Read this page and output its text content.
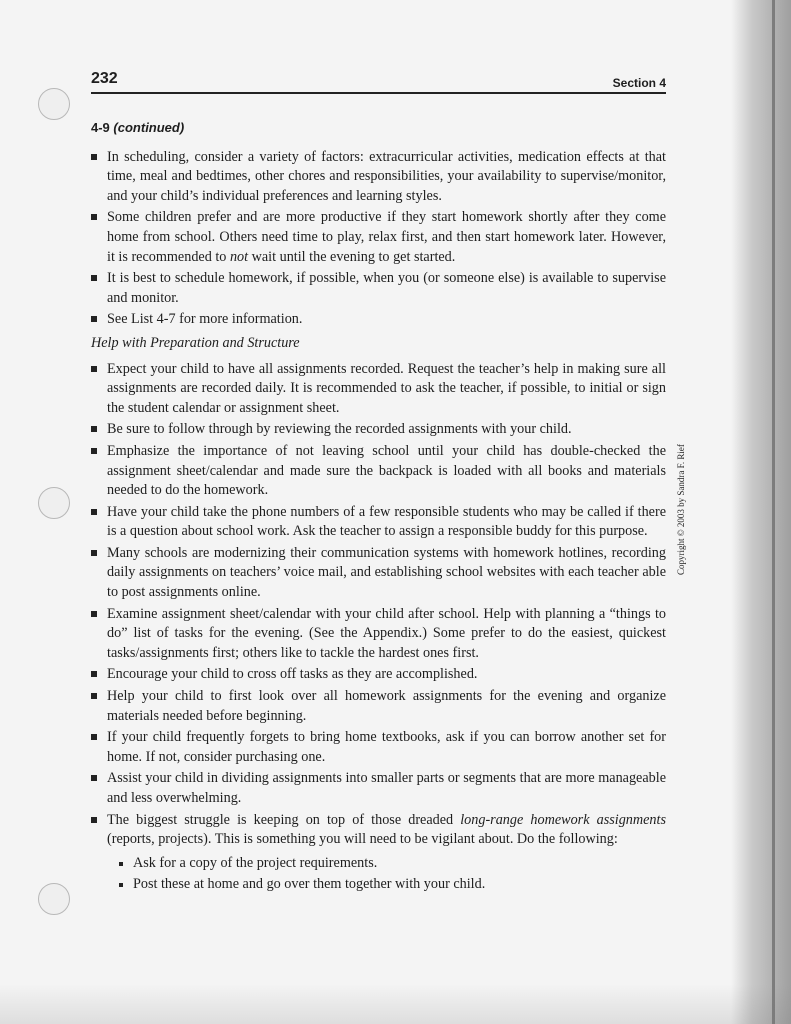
232	Section 4
4-9 (continued)
In scheduling, consider a variety of factors: extracurricular activities, medication effects at that time, meal and bedtimes, other chores and responsibilities, your availability to supervise/monitor, and your child’s individual preferences and learning styles.
Some children prefer and are more productive if they start homework shortly after they come home from school. Others need time to play, relax first, and then start homework later. However, it is recommended to not wait until the evening to get started.
It is best to schedule homework, if possible, when you (or someone else) is available to supervise and monitor.
See List 4-7 for more information.
Help with Preparation and Structure
Expect your child to have all assignments recorded. Request the teacher’s help in making sure all assignments are recorded daily. It is recommended to ask the teacher, if possible, to initial or sign the student calendar or assignment sheet.
Be sure to follow through by reviewing the recorded assignments with your child.
Emphasize the importance of not leaving school until your child has double-checked the assignment sheet/calendar and made sure the backpack is loaded with all books and materials needed to do the homework.
Have your child take the phone numbers of a few responsible students who may be called if there is a question about school work. Ask the teacher to assign a responsible buddy for this purpose.
Many schools are modernizing their communication systems with homework hotlines, recording daily assignments on teachers’ voice mail, and establishing school websites with each teacher able to post assignments online.
Examine assignment sheet/calendar with your child after school. Help with planning a “things to do” list of tasks for the evening. (See the Appendix.) Some prefer to do the easiest, quickest tasks/assignments first; others like to tackle the hardest ones first.
Encourage your child to cross off tasks as they are accomplished.
Help your child to first look over all homework assignments for the evening and organize materials needed before beginning.
If your child frequently forgets to bring home textbooks, ask if you can borrow another set for home. If not, consider purchasing one.
Assist your child in dividing assignments into smaller parts or segments that are more manageable and less overwhelming.
The biggest struggle is keeping on top of those dreaded long-range homework assignments (reports, projects). This is something you will need to be vigilant about. Do the following:
Ask for a copy of the project requirements.
Post these at home and go over them together with your child.
Copyright © 2003 by Sandra F. Rief
